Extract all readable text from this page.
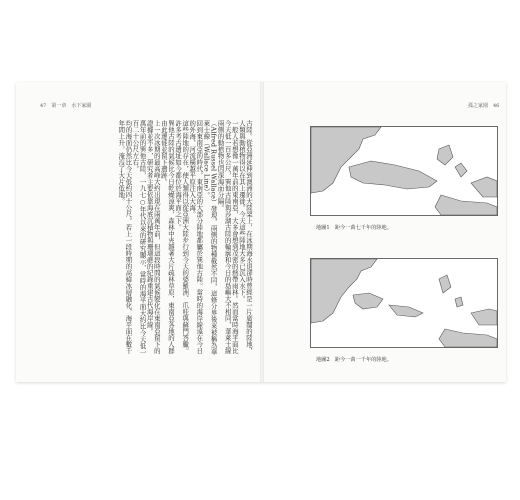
47　第一章　水下家園	孤之家園　46

古陸。從亞洲延伸到澳洲的大陸架上，在冰期海水退卻時曾經是一片廣闊的陸地，人類與動植物得以在其上遷徙。今天這些陸地大多已沉入水下。

一般人若想像一萬年前的東南亞，大多會想到茂密的熱帶雨林。然而當時海平面比今天低一百多公尺，巽他古陸與莎湖古陸的輪廓和今日的島嶼大不相同，華萊士線兩側的動植物也因深海而分隔。

（Alfred Russel Wallace）發現，兩側的物種截然不同，這條分界後來被稱為華萊士線（Wallace Line）。

回到東南亞的時代，東南亞的大部分陸地都屬於巽他古陸。當時的海岸線遠在今日的外海，河流橫越平原注入大海。

這些陸地的存在，使人類得以從亞洲大陸步行到今天的婆羅洲、爪哇與蘇門答臘。許多考古遺址如今都位於海平面之下。

巽他古陸的氣候比今日乾燥涼爽，森林中夾雜著大片疏林草原，東南亞各地的人群由此遷徙並留下遺跡。

上一次冰期的最高峰大約出現在兩萬年前，但這段時間的氣候變化在東南亞留下的證據並不多，研究者主要依靠海底沉積物與珊瑚礁的紀錄重建古代海岸線。

萬年前的巽他古陸，一九七○年代以來的研究顯示，當時的海平面大約比今天低一百二十公尺左右。

均的海面仍然比今天低約四十公尺。若上一段時期的高緯冰層融化，海平面在數千年間上升，淹沒了大片低地。

地圖1　距今一萬七千年的陸地。
地圖2　距今一萬一千年的陸地。
